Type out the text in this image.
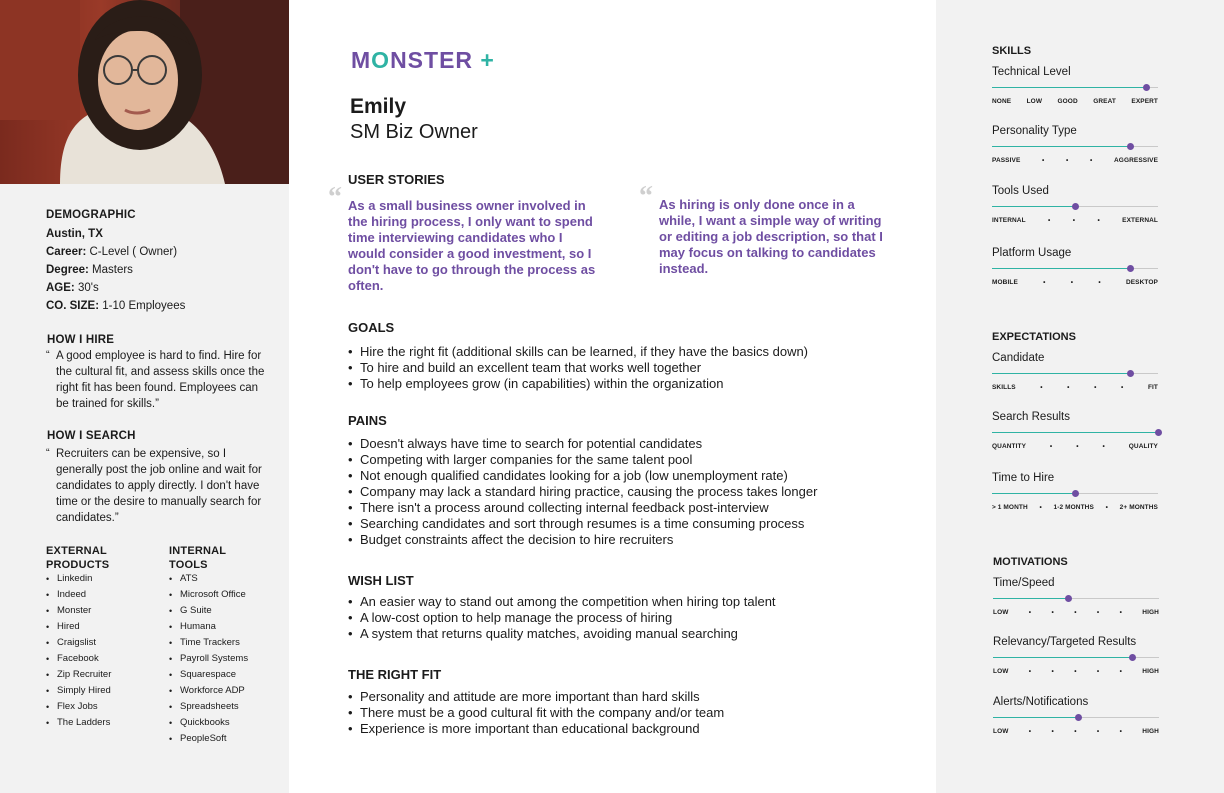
DEMOGRAPHIC
Austin, TX
Career: C-Level ( Owner)
Degree: Masters
AGE: 30's
CO. SIZE: 1-10 Employees
HOW I HIRE
“ A good employee is hard to find. Hire for the cultural fit, and assess skills once the right fit has been found. Employees can be trained for skills.”
HOW I SEARCH
“ Recruiters can be expensive, so I generally post the job online and wait for candidates to apply directly. I don't have time or the desire to manually search for candidates.”
EXTERNAL
PRODUCTS
• Linkedin
• Indeed
• Monster
• Hired
• Craigslist
• Facebook
• Zip Recruiter
• Simply Hired
• Flex Jobs
• The Ladders
INTERNAL
TOOLS
• ATS
• Microsoft Office
• G Suite
• Humana
• Time Trackers
• Payroll Systems
• Squarespace
• Workforce ADP
• Spreadsheets
• Quickbooks
• PeopleSoft
MONSTER +
Emily
SM Biz Owner
USER STORIES
“ As a small business owner involved in the hiring process, I only want to spend time interviewing candidates who I would consider a good investment, so I don't have to go through the process as often.
“ As hiring is only done once in a while, I want a simple way of writing or editing a job description, so that I may focus on talking to candidates instead.
GOALS
• Hire the right fit (additional skills can be learned, if they have the basics down)
• To hire and build an excellent team that works well together
• To help employees grow (in capabilities) within the organization
PAINS
• Doesn't always have time to search for potential candidates
• Competing with larger companies for the same talent pool
• Not enough qualified candidates looking for a job (low unemployment rate)
• Company may lack a standard hiring practice, causing the process takes longer
• There isn't a process around collecting internal feedback post-interview
• Searching candidates and sort through resumes is a time consuming process
• Budget constraints affect the decision to hire recruiters
WISH LIST
• An easier way to stand out among the competition when hiring top talent
• A low-cost option to help manage the process of hiring
• A system that returns quality matches, avoiding manual searching
THE RIGHT FIT
• Personality and attitude are more important than hard skills
• There must be a good cultural fit with the company and/or team
• Experience is more important than educational background
SKILLS
Technical Level
NONE LOW GOOD GREAT EXPERT
Personality Type
PASSIVE	•	•	•	AGGRESSIVE
Tools Used
INTERNAL	•	•	•	EXTERNAL
Platform Usage
MOBILE	•	•	•	DESKTOP
EXPECTATIONS
Candidate
SKILLS	•	•	•	•	FIT
Search Results
QUANTITY	•	•	•	QUALITY
Time to Hire
> 1 MONTH • 1-2 MONTHS • 2+ MONTHS
MOTIVATIONS
Time/Speed
LOW	•	•	•	•	•	HIGH
Relevancy/Targeted Results
LOW	•	•	•	•	•	HIGH
Alerts/Notifications
LOW	•	•	•	•	•	HIGH
